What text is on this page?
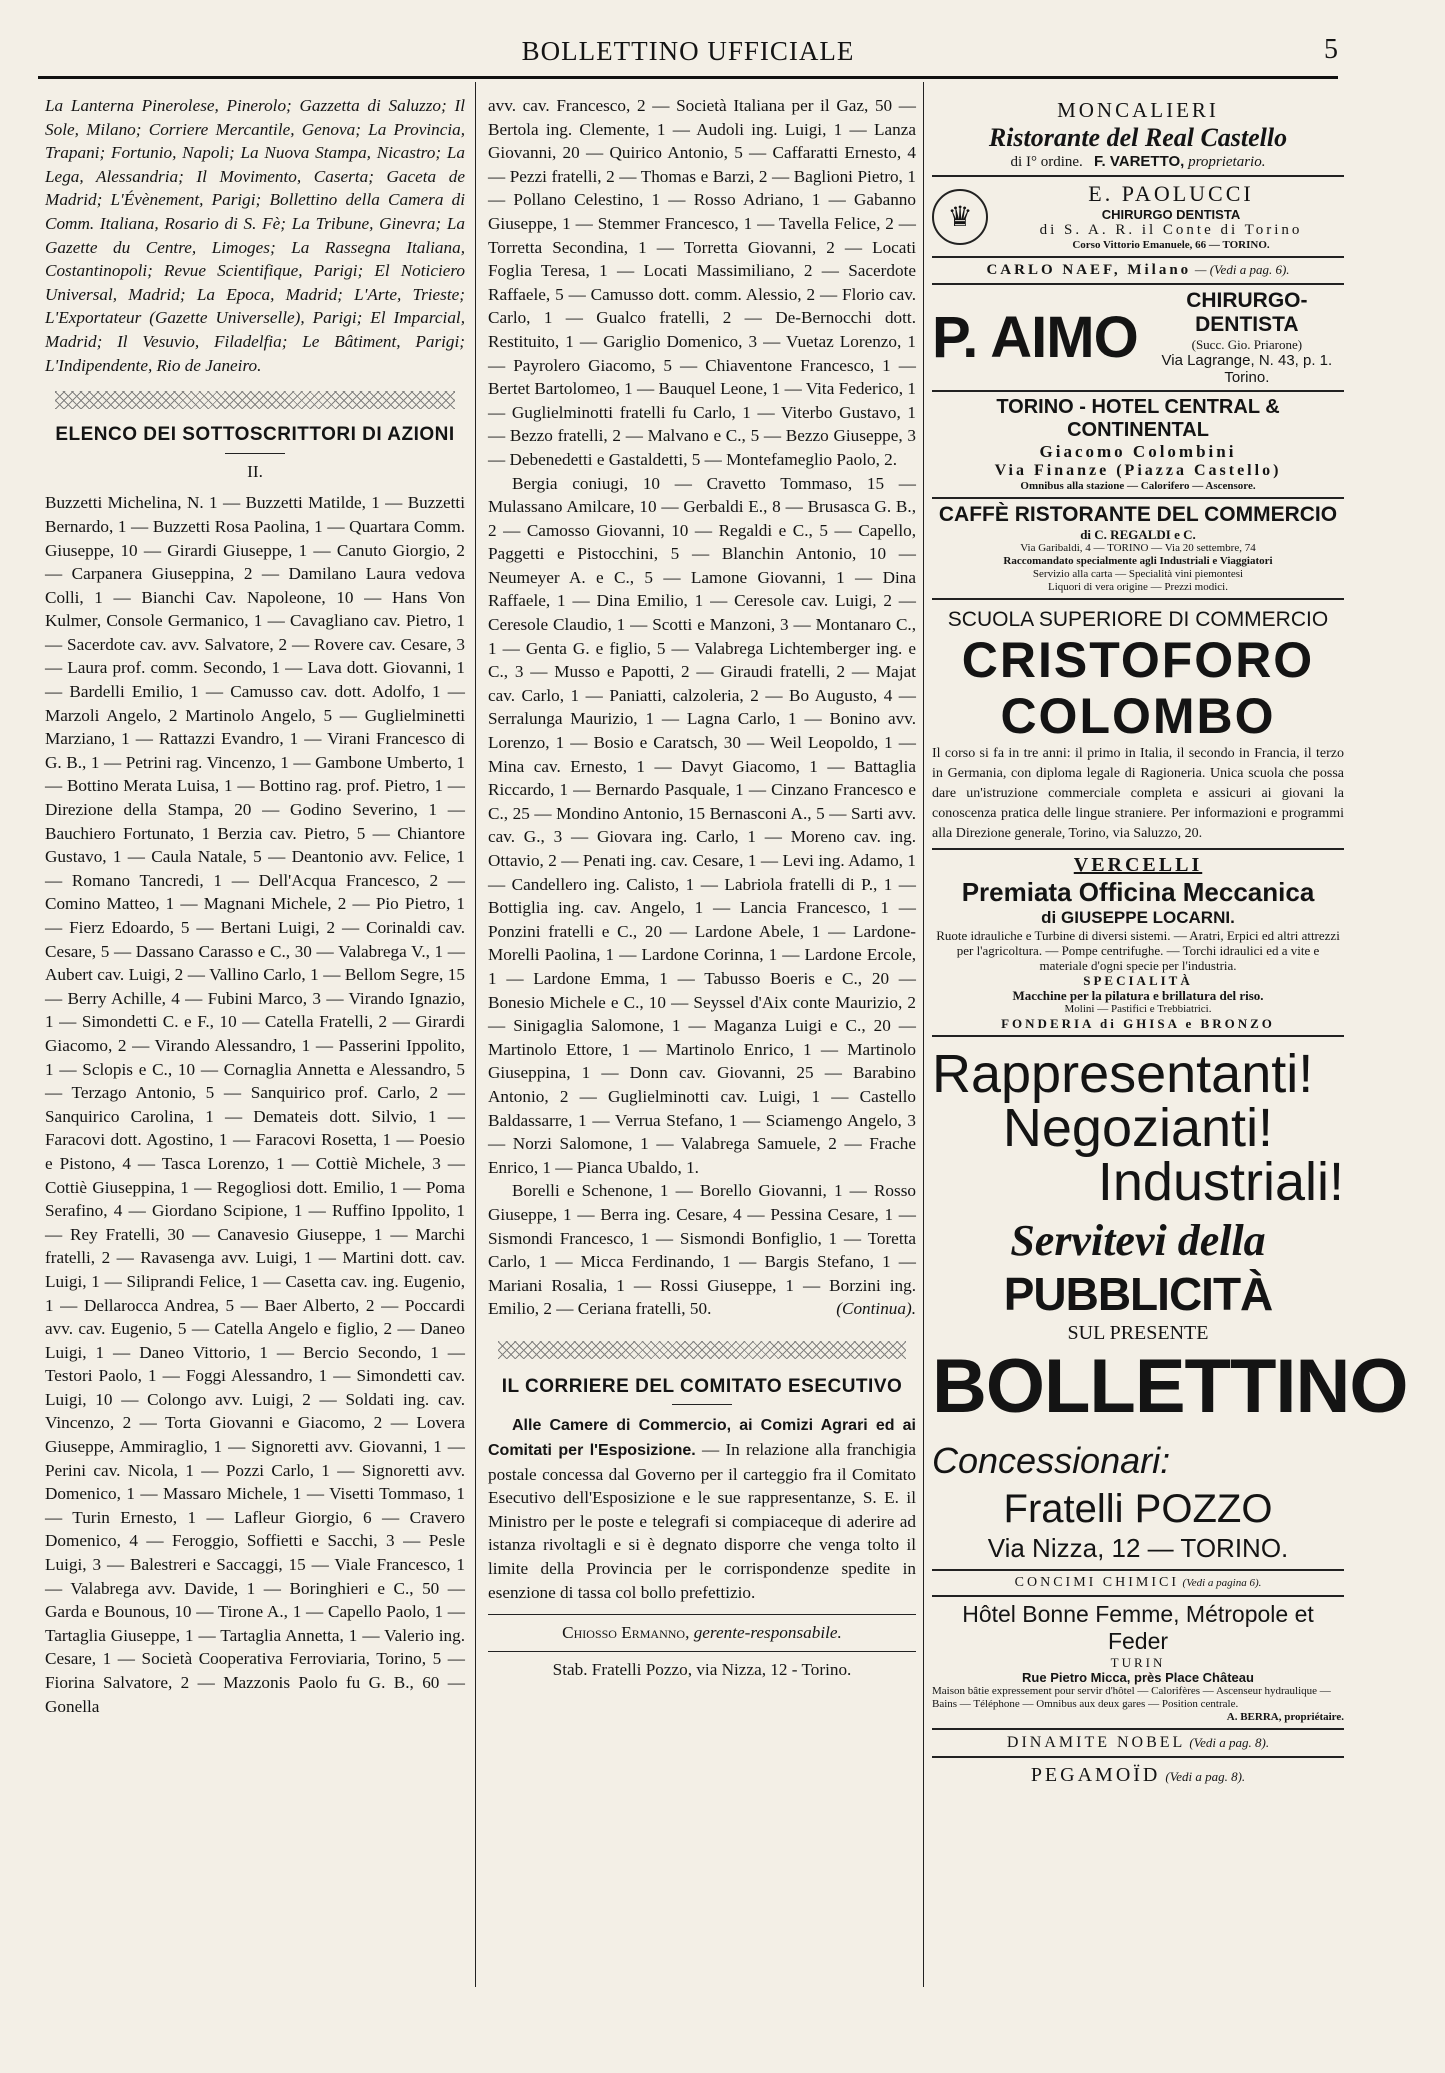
BOLLETTINO UFFICIALE	5

La Lanterna Pinerolese, Pinerolo; Gazzetta di Saluzzo; Il Sole, Milano; Corriere Mercantile, Genova; La Provincia, Trapani; Fortunio, Napoli; La Nuova Stampa, Nicastro; La Lega, Alessandria; Il Movimento, Caserta; Gaceta de Madrid; L'Évènement, Parigi; Bollettino della Camera di Comm. Italiana, Rosario di S. Fè; La Tribune, Ginevra; La Gazette du Centre, Limoges; La Rassegna Italiana, Costantinopoli; Revue Scientifique, Parigi; El Noticiero Universal, Madrid; La Epoca, Madrid; L'Arte, Trieste; L'Exportateur (Gazette Universelle), Parigi; El Imparcial, Madrid; Il Vesuvio, Filadelfia; Le Bâtiment, Parigi; L'Indipendente, Rio de Janeiro.

ELENCO DEI SOTTOSCRITTORI DI AZIONI
II.

Buzzetti Michelina, N. 1 — Buzzetti Matilde, 1 — Buzzetti Bernardo, 1 — Buzzetti Rosa Paolina, 1 — Quartara Comm. Giuseppe, 10 — Girardi Giuseppe, 1 — Canuto Giorgio, 2 — Carpanera Giuseppina, 2 — Damilano Laura vedova Colli, 1 — Bianchi Cav. Napoleone, 10 — Hans Von Kulmer, Console Germanico, 1 — Cavagliano cav. Pietro, 1 — Sacerdote cav. avv. Salvatore, 2 — Rovere cav. Cesare, 3 — Laura prof. comm. Secondo, 1 — Lava dott. Giovanni, 1 — Bardelli Emilio, 1 — Camusso cav. dott. Adolfo, 1 — Marzoli Angelo, 2 Martinolo Angelo, 5 — Guglielminetti Marziano, 1 — Rattazzi Evandro, 1 — Virani Francesco di G. B., 1 — Petrini rag. Vincenzo, 1 — Gambone Umberto, 1 — Bottino Merata Luisa, 1 — Bottino rag. prof. Pietro, 1 — Direzione della Stampa, 20 — Godino Severino, 1 — Bauchiero Fortunato, 1 Berzia cav. Pietro, 5 — Chiantore Gustavo, 1 — Caula Natale, 5 — Deantonio avv. Felice, 1 — Romano Tancredi, 1 — Dell'Acqua Francesco, 2 — Comino Matteo, 1 — Magnani Michele, 2 — Pio Pietro, 1 — Fierz Edoardo, 5 — Bertani Luigi, 2 — Corinaldi cav. Cesare, 5 — Dassano Carasso e C., 30 — Valabrega V., 1 — Aubert cav. Luigi, 2 — Vallino Carlo, 1 — Bellom Segre, 15 — Berry Achille, 4 — Fubini Marco, 3 — Virando Ignazio, 1 — Simondetti C. e F., 10 — Catella Fratelli, 2 — Girardi Giacomo, 2 — Virando Alessandro, 1 — Passerini Ippolito, 1 — Sclopis e C., 10 — Cornaglia Annetta e Alessandro, 5 — Terzago Antonio, 5 — Sanquirico prof. Carlo, 2 — Sanquirico Carolina, 1 — Demateis dott. Silvio, 1 — Faracovi dott. Agostino, 1 — Faracovi Rosetta, 1 — Poesio e Pistono, 4 — Tasca Lorenzo, 1 — Cottiè Michele, 3 — Cottiè Giuseppina, 1 — Regogliosi dott. Emilio, 1 — Poma Serafino, 4 — Giordano Scipione, 1 — Ruffino Ippolito, 1 — Rey Fratelli, 30 — Canavesio Giuseppe, 1 — Marchi fratelli, 2 — Ravasenga avv. Luigi, 1 — Martini dott. cav. Luigi, 1 — Siliprandi Felice, 1 — Casetta cav. ing. Eugenio, 1 — Dellarocca Andrea, 5 — Baer Alberto, 2 — Poccardi avv. cav. Eugenio, 5 — Catella Angelo e figlio, 2 — Daneo Luigi, 1 — Daneo Vittorio, 1 — Bercio Secondo, 1 — Testori Paolo, 1 — Foggi Alessandro, 1 — Simondetti cav. Luigi, 10 — Colongo avv. Luigi, 2 — Soldati ing. cav. Vincenzo, 2 — Torta Giovanni e Giacomo, 2 — Lovera Giuseppe, Ammiraglio, 1 — Signoretti avv. Giovanni, 1 — Perini cav. Nicola, 1 — Pozzi Carlo, 1 — Signoretti avv. Domenico, 1 — Massaro Michele, 1 — Visetti Tommaso, 1 — Turin Ernesto, 1 — Lafleur Giorgio, 6 — Cravero Domenico, 4 — Feroggio, Soffietti e Sacchi, 3 — Pesle Luigi, 3 — Balestreri e Saccaggi, 15 — Viale Francesco, 1 — Valabrega avv. Davide, 1 — Boringhieri e C., 50 — Garda e Bounous, 10 — Tirone A., 1 — Capello Paolo, 1 — Tartaglia Giuseppe, 1 — Tartaglia Annetta, 1 — Valerio ing. Cesare, 1 — Società Cooperativa Ferroviaria, Torino, 5 — Fiorina Salvatore, 2 — Mazzonis Paolo fu G. B., 60 — Gonella

avv. cav. Francesco, 2 — Società Italiana per il Gaz, 50 — Bertola ing. Clemente, 1 — Audoli ing. Luigi, 1 — Lanza Giovanni, 20 — Quirico Antonio, 5 — Caffaratti Ernesto, 4 — Pezzi fratelli, 2 — Thomas e Barzi, 2 — Baglioni Pietro, 1 — Pollano Celestino, 1 — Rosso Adriano, 1 — Gabanno Giuseppe, 1 — Stemmer Francesco, 1 — Tavella Felice, 2 — Torretta Secondina, 1 — Torretta Giovanni, 2 — Locati Foglia Teresa, 1 — Locati Massimiliano, 2 — Sacerdote Raffaele, 5 — Camusso dott. comm. Alessio, 2 — Florio cav. Carlo, 1 — Gualco fratelli, 2 — De-Bernocchi dott. Restituito, 1 — Gariglio Domenico, 3 — Vuetaz Lorenzo, 1 — Payrolero Giacomo, 5 — Chiaventone Francesco, 1 — Bertet Bartolomeo, 1 — Bauquel Leone, 1 — Vita Federico, 1 — Guglielminotti fratelli fu Carlo, 1 — Viterbo Gustavo, 1 — Bezzo fratelli, 2 — Malvano e C., 5 — Bezzo Giuseppe, 3 — Debenedetti e Gastaldetti, 5 — Montefameglio Paolo, 2.

Bergia coniugi, 10 — Cravetto Tommaso, 15 — Mulassano Amilcare, 10 — Gerbaldi E., 8 — Brusasca G. B., 2 — Camosso Giovanni, 10 — Regaldi e C., 5 — Capello, Paggetti e Pistocchini, 5 — Blanchin Antonio, 10 — Neumeyer A. e C., 5 — Lamone Giovanni, 1 — Dina Raffaele, 1 — Dina Emilio, 1 — Ceresole cav. Luigi, 2 — Ceresole Claudio, 1 — Scotti e Manzoni, 3 — Montanaro C., 1 — Genta G. e figlio, 5 — Valabrega Lichtemberger ing. e C., 3 — Musso e Papotti, 2 — Giraudi fratelli, 2 — Majat cav. Carlo, 1 — Paniatti, calzoleria, 2 — Bo Augusto, 4 — Serralunga Maurizio, 1 — Lagna Carlo, 1 — Bonino avv. Lorenzo, 1 — Bosio e Caratsch, 30 — Weil Leopoldo, 1 — Mina cav. Ernesto, 1 — Davyt Giacomo, 1 — Battaglia Riccardo, 1 — Bernardo Pasquale, 1 — Cinzano Francesco e C., 25 — Mondino Antonio, 15 Bernasconi A., 5 — Sarti avv. cav. G., 3 — Giovara ing. Carlo, 1 — Moreno cav. ing. Ottavio, 2 — Penati ing. cav. Cesare, 1 — Levi ing. Adamo, 1 — Candellero ing. Calisto, 1 — Labriola fratelli di P., 1 — Bottiglia ing. cav. Angelo, 1 — Lancia Francesco, 1 — Ponzini fratelli e C., 20 — Lardone Abele, 1 — Lardone-Morelli Paolina, 1 — Lardone Corinna, 1 — Lardone Ercole, 1 — Lardone Emma, 1 — Tabusso Boeris e C., 20 — Bonesio Michele e C., 10 — Seyssel d'Aix conte Maurizio, 2 — Sinigaglia Salomone, 1 — Maganza Luigi e C., 20 — Martinolo Ettore, 1 — Martinolo Enrico, 1 — Martinolo Giuseppina, 1 — Donn cav. Giovanni, 25 — Barabino Antonio, 2 — Guglielminotti cav. Luigi, 1 — Castello Baldassarre, 1 — Verrua Stefano, 1 — Sciamengo Angelo, 3 — Norzi Salomone, 1 — Valabrega Samuele, 2 — Frache Enrico, 1 — Pianca Ubaldo, 1.

Borelli e Schenone, 1 — Borello Giovanni, 1 — Rosso Giuseppe, 1 — Berra ing. Cesare, 4 — Pessina Cesare, 1 — Sismondi Francesco, 1 — Sismondi Bonfiglio, 1 — Toretta Carlo, 1 — Micca Ferdinando, 1 — Bargis Stefano, 1 — Mariani Rosalia, 1 — Rossi Giuseppe, 1 — Borzini ing. Emilio, 2 — Ceriana fratelli, 50.	(Continua).

IL CORRIERE DEL COMITATO ESECUTIVO

Alle Camere di Commercio, ai Comizi Agrari ed ai Comitati per l'Esposizione. — In relazione alla franchigia postale concessa dal Governo per il carteggio fra il Comitato Esecutivo dell'Esposizione e le sue rappresentanze, S. E. il Ministro per le poste e telegrafi si compiaceque di aderire ad istanza rivoltagli e si è degnato disporre che venga tolto il limite della Provincia per le corrispondenze spedite in esenzione di tassa col bollo prefettizio.

Chiosso Ermanno, gerente-responsabile.
Stab. Fratelli Pozzo, via Nizza, 12 - Torino.
MONCALIERI
Ristorante del Real Castello
di I° ordine. F. VARETTO, proprietario.
♛
E. PAOLUCCI
CHIRURGO DENTISTA
di S. A. R. il Conte di Torino
Corso Vittorio Emanuele, 66 — TORINO.
CARLO NAEF, Milano — (Vedi a pag. 6).
P. AIMO
CHIRURGO-DENTISTA
(Succ. Gio. Priarone)
Via Lagrange, N. 43, p. 1. Torino.
TORINO - HOTEL CENTRAL & CONTINENTAL
Giacomo Colombini
Via Finanze (Piazza Castello)
Omnibus alla stazione — Calorifero — Ascensore.
CAFFÈ RISTORANTE DEL COMMERCIO
di C. REGALDI e C.
Via Garibaldi, 4 — TORINO — Via 20 settembre, 74
Raccomandato specialmente agli Industriali e Viaggiatori
Servizio alla carta — Specialità vini piemontesi
Liquori di vera origine — Prezzi modici.
SCUOLA SUPERIORE DI COMMERCIO
CRISTOFORO COLOMBO
Il corso si fa in tre anni: il primo in Italia, il secondo in Francia, il terzo in Germania, con diploma legale di Ragioneria. Unica scuola che possa dare un'istruzione commerciale completa e assicuri ai giovani la conoscenza pratica delle lingue straniere. Per informazioni e programmi alla Direzione generale, Torino, via Saluzzo, 20.
VERCELLI
Premiata Officina Meccanica
di GIUSEPPE LOCARNI.
Ruote idrauliche e Turbine di diversi sistemi. — Aratri, Erpici ed altri attrezzi per l'agricoltura. — Pompe centrifughe. — Torchi idraulici ed a vite e materiale d'ogni specie per l'industria.
SPECIALITÀ
Macchine per la pilatura e brillatura del riso.
Molini — Pastifici e Trebbiatrici.
FONDERIA di GHISA e BRONZO
Rappresentanti!
Negozianti!
Industriali!
Servitevi della
PUBBLICITÀ
SUL PRESENTE
BOLLETTINO
Concessionari:
Fratelli POZZO
Via Nizza, 12 — TORINO.
CONCIMI CHIMICI (Vedi a pagina 6).
Hôtel Bonne Femme, Métropole et Feder
TURIN
Rue Pietro Micca, près Place Château
Maison bâtie expressement pour servir d'hôtel — Calorifères — Ascenseur hydraulique — Bains — Téléphone — Omnibus aux deux gares — Position centrale.
A. BERRA, propriétaire.
DINAMITE NOBEL (Vedi a pag. 8).
PEGAMOÏD (Vedi a pag. 8).
